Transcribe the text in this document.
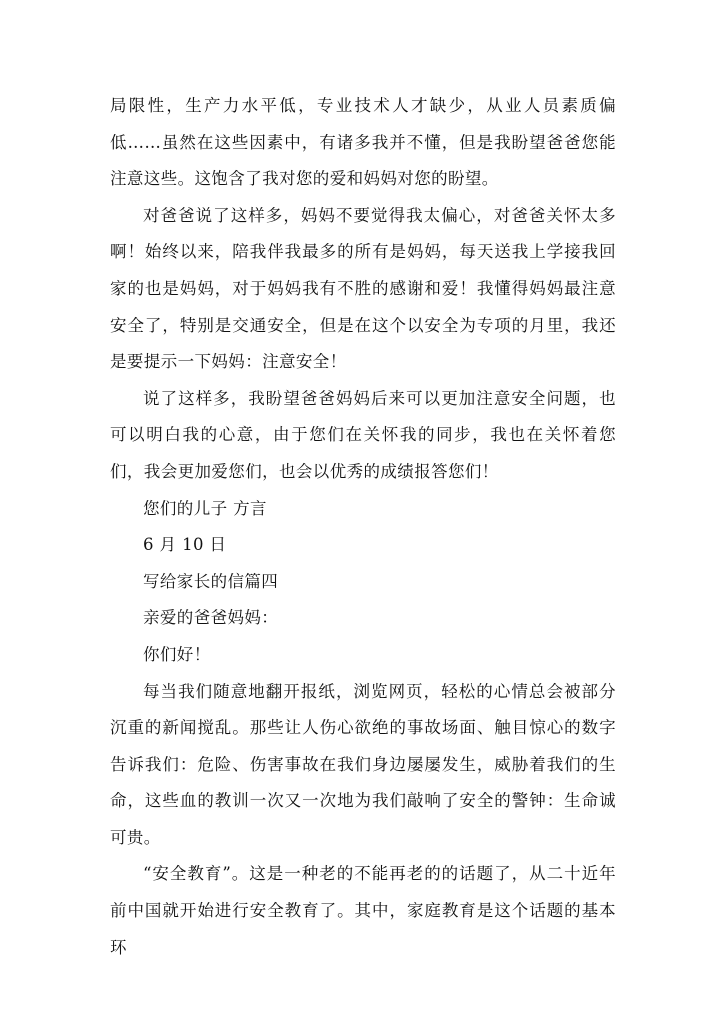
局限性，生产力水平低，专业技术人才缺少，从业人员素质偏低……虽然在这些因素中，有诸多我并不懂，但是我盼望爸爸您能注意这些。这饱含了我对您的爱和妈妈对您的盼望。

对爸爸说了这样多，妈妈不要觉得我太偏心，对爸爸关怀太多啊！始终以来，陪我伴我最多的所有是妈妈，每天送我上学接我回家的也是妈妈，对于妈妈我有不胜的感谢和爱！我懂得妈妈最注意安全了，特别是交通安全，但是在这个以安全为专项的月里，我还是要提示一下妈妈：注意安全！

说了这样多，我盼望爸爸妈妈后来可以更加注意安全问题，也可以明白我的心意，由于您们在关怀我的同步，我也在关怀着您们，我会更加爱您们，也会以优秀的成绩报答您们！

您们的儿子 方言

6 月 10 日

写给家长的信篇四

亲爱的爸爸妈妈：

你们好！

每当我们随意地翻开报纸，浏览网页，轻松的心情总会被部分沉重的新闻搅乱。那些让人伤心欲绝的事故场面、触目惊心的数字告诉我们：危险、伤害事故在我们身边屡屡发生，威胁着我们的生命，这些血的教训一次又一次地为我们敲响了安全的警钟：生命诚可贵。

“安全教育”。这是一种老的不能再老的的话题了，从二十近年前中国就开始进行安全教育了。其中，家庭教育是这个话题的基本环
